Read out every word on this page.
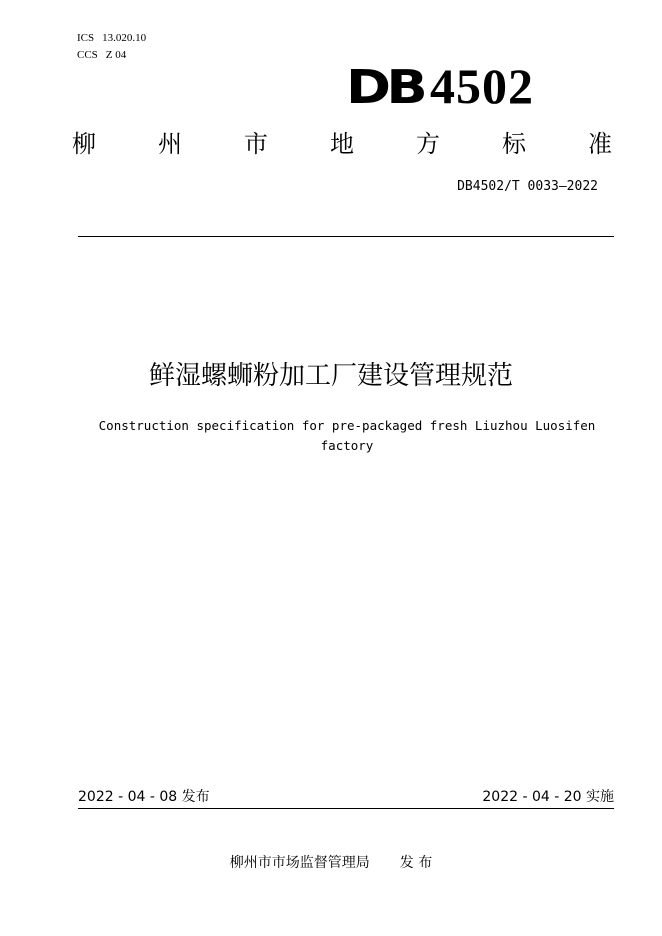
ICS 13.020.10
CCS Z 04
DB 4502
柳	州	市	地	方	标	准
DB4502/T 0033—2022
鲜湿螺蛳粉加工厂建设管理规范
Construction specification for pre-packaged fresh Liuzhou Luosifen factory
2022 - 04 - 08 发布	2022 - 04 - 20 实施
柳州市市场监督管理局 发 布
